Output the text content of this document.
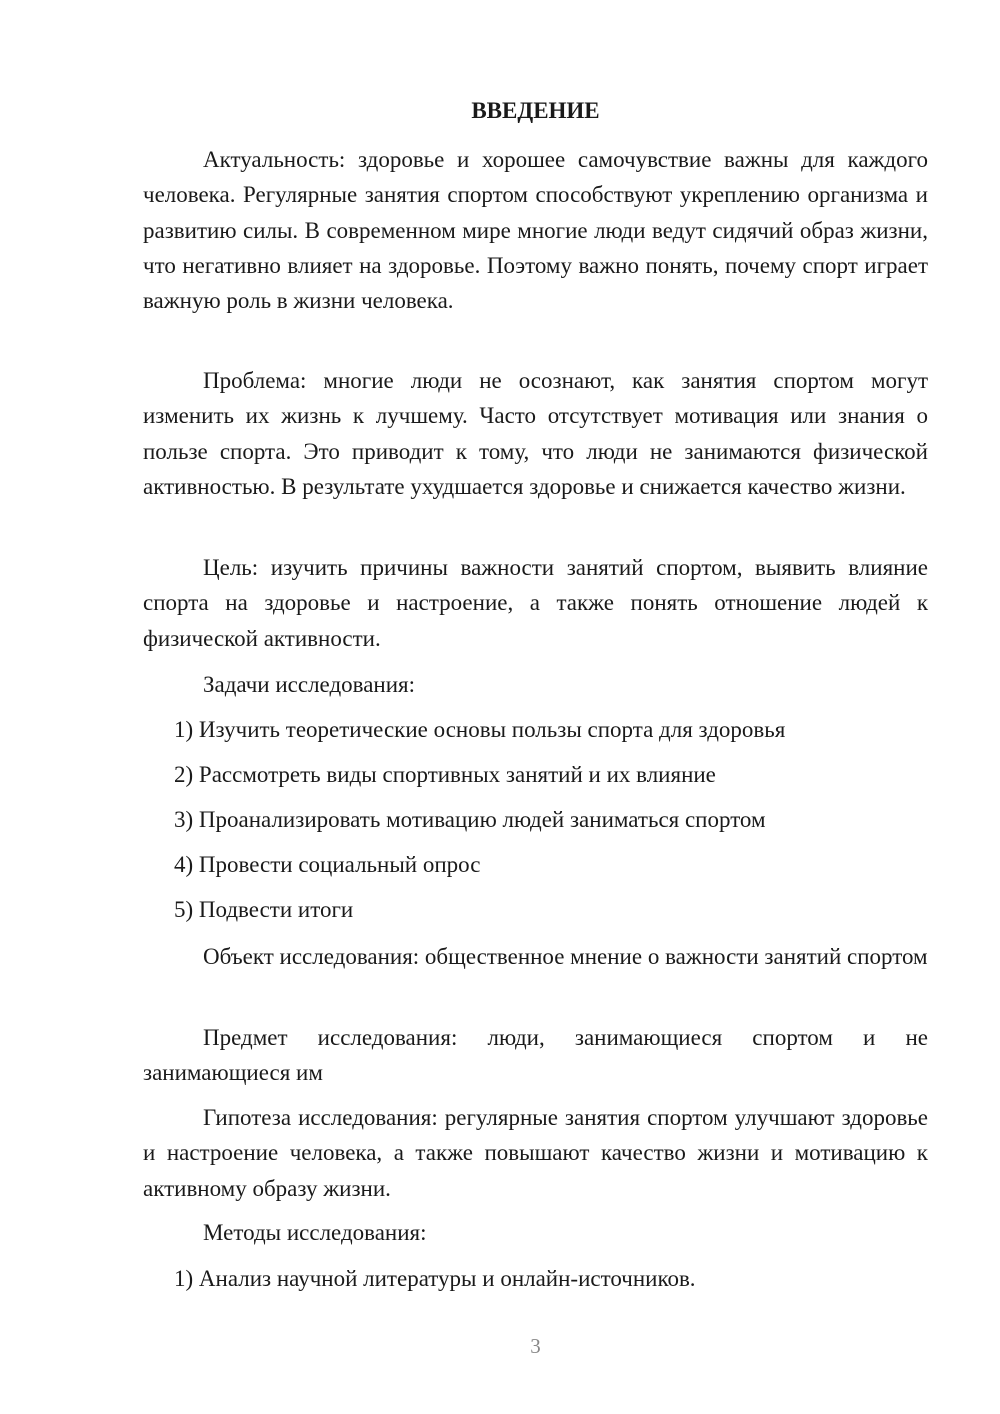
ВВЕДЕНИЕ

Актуальность: здоровье и хорошее самочувствие важны для каждого человека. Регулярные занятия спортом способствуют укреплению организма и развитию силы. В современном мире многие люди ведут сидячий образ жизни, что негативно влияет на здоровье. Поэтому важно понять, почему спорт играет важную роль в жизни человека.

Проблема: многие люди не осознают, как занятия спортом могут изменить их жизнь к лучшему. Часто отсутствует мотивация или знания о пользе спорта. Это приводит к тому, что люди не занимаются физической активностью. В результате ухудшается здоровье и снижается качество жизни.

Цель: изучить причины важности занятий спортом, выявить влияние спорта на здоровье и настроение, а также понять отношение людей к физической активности.

Задачи исследования:
1) Изучить теоретические основы пользы спорта для здоровья
2) Рассмотреть виды спортивных занятий и их влияние
3) Проанализировать мотивацию людей заниматься спортом
4) Провести социальный опрос
5) Подвести итоги

Объект исследования: общественное мнение о важности занятий спортом

Предмет исследования: люди, занимающиеся спортом и не занимающиеся им

Гипотеза исследования: регулярные занятия спортом улучшают здоровье и настроение человека, а также повышают качество жизни и мотивацию к активному образу жизни.

Методы исследования:
1) Анализ научной литературы и онлайн-источников.
3
